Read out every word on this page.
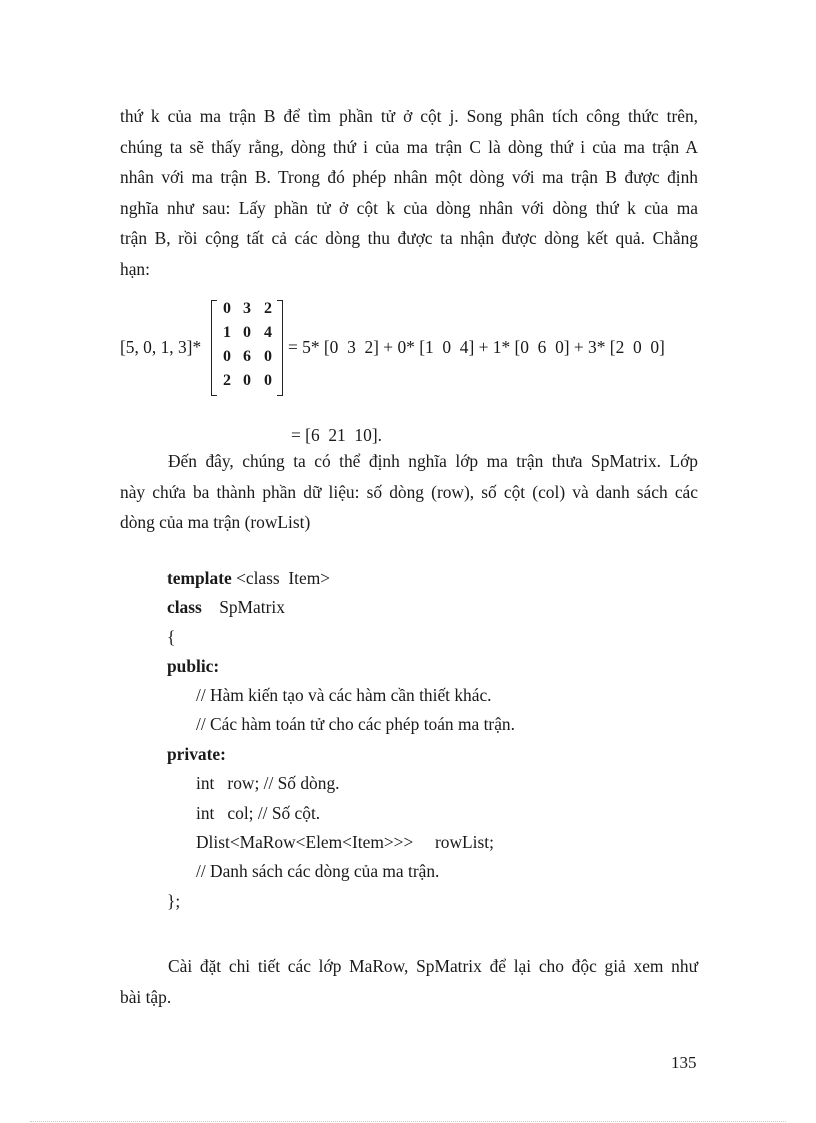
thứ k của ma trận B để tìm phần tử ở cột j. Song phân tích công thức trên,
chúng ta sẽ thấy rằng, dòng thứ i của ma trận C là dòng thứ i của ma trận A
nhân với ma trận B. Trong đó phép nhân một dòng với ma trận B được định
nghĩa như sau: Lấy phần tử ở cột k của dòng nhân với dòng thứ k của ma
trận B, rồi cộng tất cả các dòng thu được ta nhận được dòng kết quả. Chẳng
hạn:
[5, 0, 1, 3]*
0 3 2
1 0 4
0 6 0
2 0 0
= 5* [0  3  2] + 0* [1  0  4] + 1* [0  6  0] + 3* [2  0  0]
= [6  21  10].
Đến đây, chúng ta có thể định nghĩa lớp ma trận thưa SpMatrix. Lớp
này chứa ba thành phần dữ liệu: số dòng (row), số cột (col) và danh sách các
dòng của ma trận (rowList)
template <class  Item>
class    SpMatrix
{
public:
// Hàm kiến tạo và các hàm cần thiết khác.
// Các hàm toán tử cho các phép toán ma trận.
private:
int   row; // Số dòng.
int   col; // Số cột.
Dlist<MaRow<Elem<Item>>>     rowList;
// Danh sách các dòng của ma trận.
};
Cài đặt chi tiết các lớp MaRow, SpMatrix để lại cho độc giả xem như
bài tập.
135
